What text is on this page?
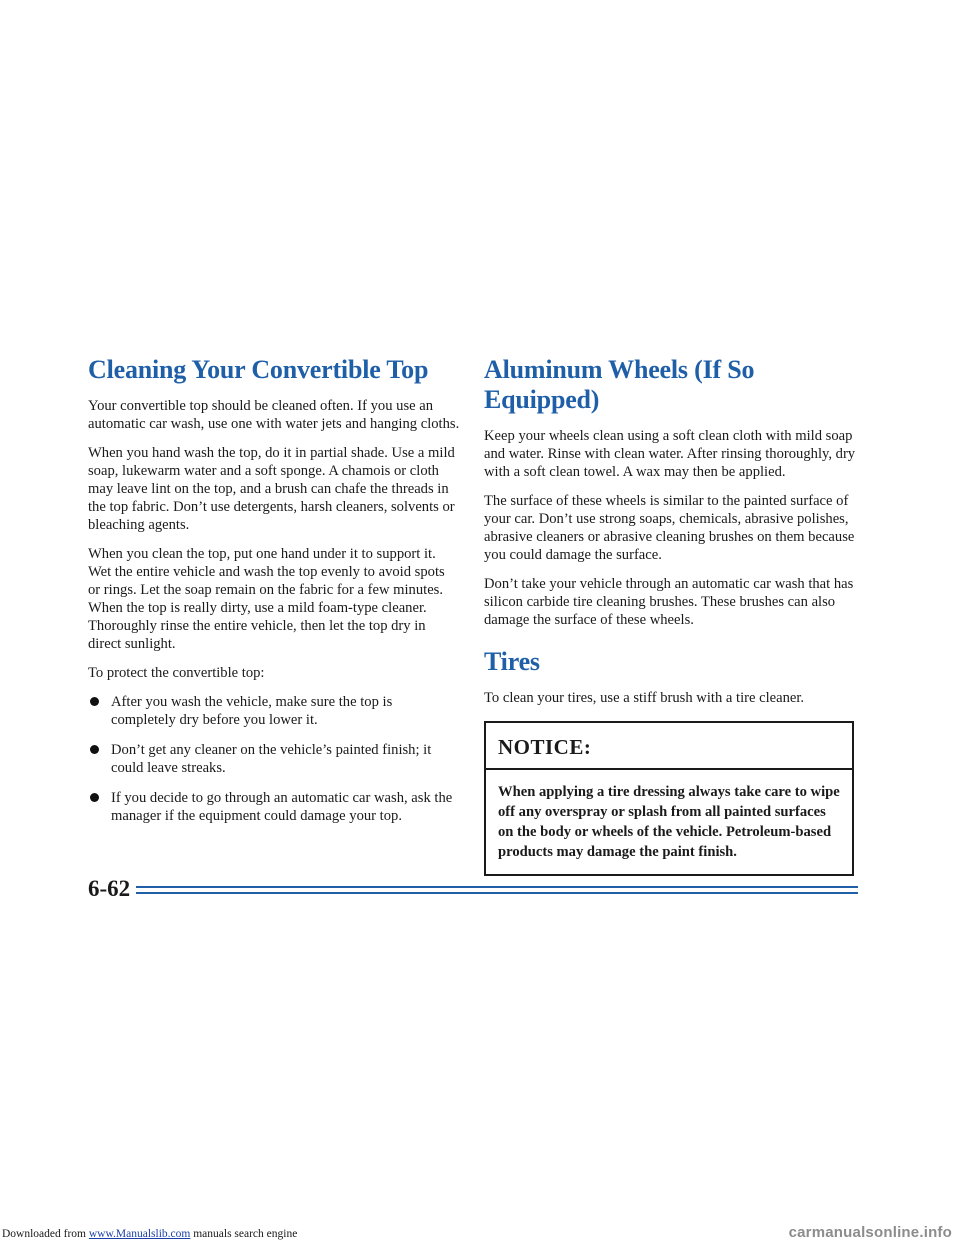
Cleaning Your Convertible Top

Your convertible top should be cleaned often. If you use an automatic car wash, use one with water jets and hanging cloths.

When you hand wash the top, do it in partial shade. Use a mild soap, lukewarm water and a soft sponge. A chamois or cloth may leave lint on the top, and a brush can chafe the threads in the top fabric. Don’t use detergents, harsh cleaners, solvents or bleaching agents.

When you clean the top, put one hand under it to support it. Wet the entire vehicle and wash the top evenly to avoid spots or rings. Let the soap remain on the fabric for a few minutes. When the top is really dirty, use a mild foam-type cleaner. Thoroughly rinse the entire vehicle, then let the top dry in direct sunlight.

To protect the convertible top:

After you wash the vehicle, make sure the top is completely dry before you lower it.
Don’t get any cleaner on the vehicle’s painted finish; it could leave streaks.
If you decide to go through an automatic car wash, ask the manager if the equipment could damage your top.
Aluminum Wheels (If So Equipped)

Keep your wheels clean using a soft clean cloth with mild soap and water. Rinse with clean water. After rinsing thoroughly, dry with a soft clean towel. A wax may then be applied.

The surface of these wheels is similar to the painted surface of your car. Don’t use strong soaps, chemicals, abrasive polishes, abrasive cleaners or abrasive cleaning brushes on them because you could damage the surface.

Don’t take your vehicle through an automatic car wash that has silicon carbide tire cleaning brushes. These brushes can also damage the surface of these wheels.

Tires

To clean your tires, use a stiff brush with a tire cleaner.

NOTICE:
When applying a tire dressing always take care to wipe off any overspray or splash from all painted surfaces on the body or wheels of the vehicle. Petroleum-based products may damage the paint finish.
6-62
Downloaded from www.Manualslib.com manuals search engine	carmanualsonline.info
